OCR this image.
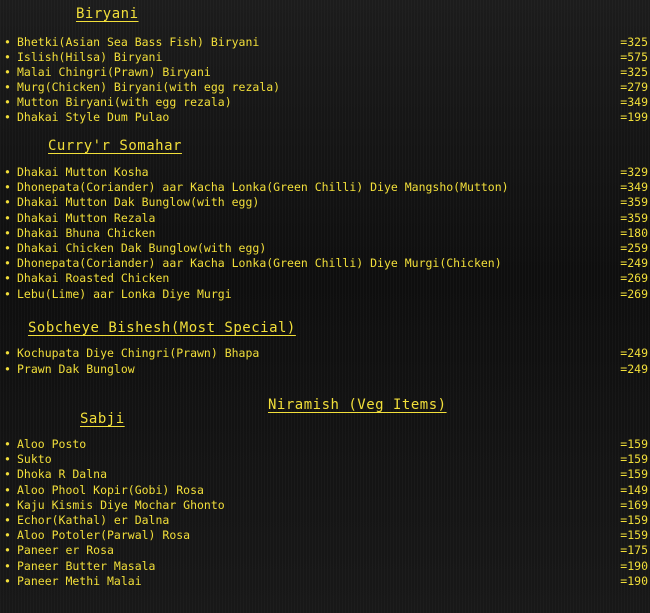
Biryani
• Bhetki(Asian Sea Bass Fish) Biryani	=325
• Islish(Hilsa) Biryani	=575
• Malai Chingri(Prawn) Biryani	=325
• Murg(Chicken) Biryani(with egg rezala)	=279
• Mutton Biryani(with egg rezala)	=349
• Dhakai Style Dum Pulao	=199
Curry'r Somahar
• Dhakai Mutton Kosha	=329
• Dhonepata(Coriander) aar Kacha Lonka(Green Chilli) Diye Mangsho(Mutton)	=349
• Dhakai Mutton Dak Bunglow(with egg)	=359
• Dhakai Mutton Rezala	=359
• Dhakai Bhuna Chicken	=180
• Dhakai Chicken Dak Bunglow(with egg)	=259
• Dhonepata(Coriander) aar Kacha Lonka(Green Chilli) Diye Murgi(Chicken)	=249
• Dhakai Roasted Chicken	=269
• Lebu(Lime) aar Lonka Diye Murgi	=269
Sobcheye Bishesh(Most Special)
• Kochupata Diye Chingri(Prawn) Bhapa	=249
• Prawn Dak Bunglow	=249
Niramish (Veg Items)
Sabji
• Aloo Posto	=159
• Sukto	=159
• Dhoka R Dalna	=159
• Aloo Phool Kopir(Gobi) Rosa	=149
• Kaju Kismis Diye Mochar Ghonto	=169
• Echor(Kathal) er Dalna	=159
• Aloo Potoler(Parwal) Rosa	=159
• Paneer er Rosa	=175
• Paneer Butter Masala	=190
• Paneer Methi Malai	=190
